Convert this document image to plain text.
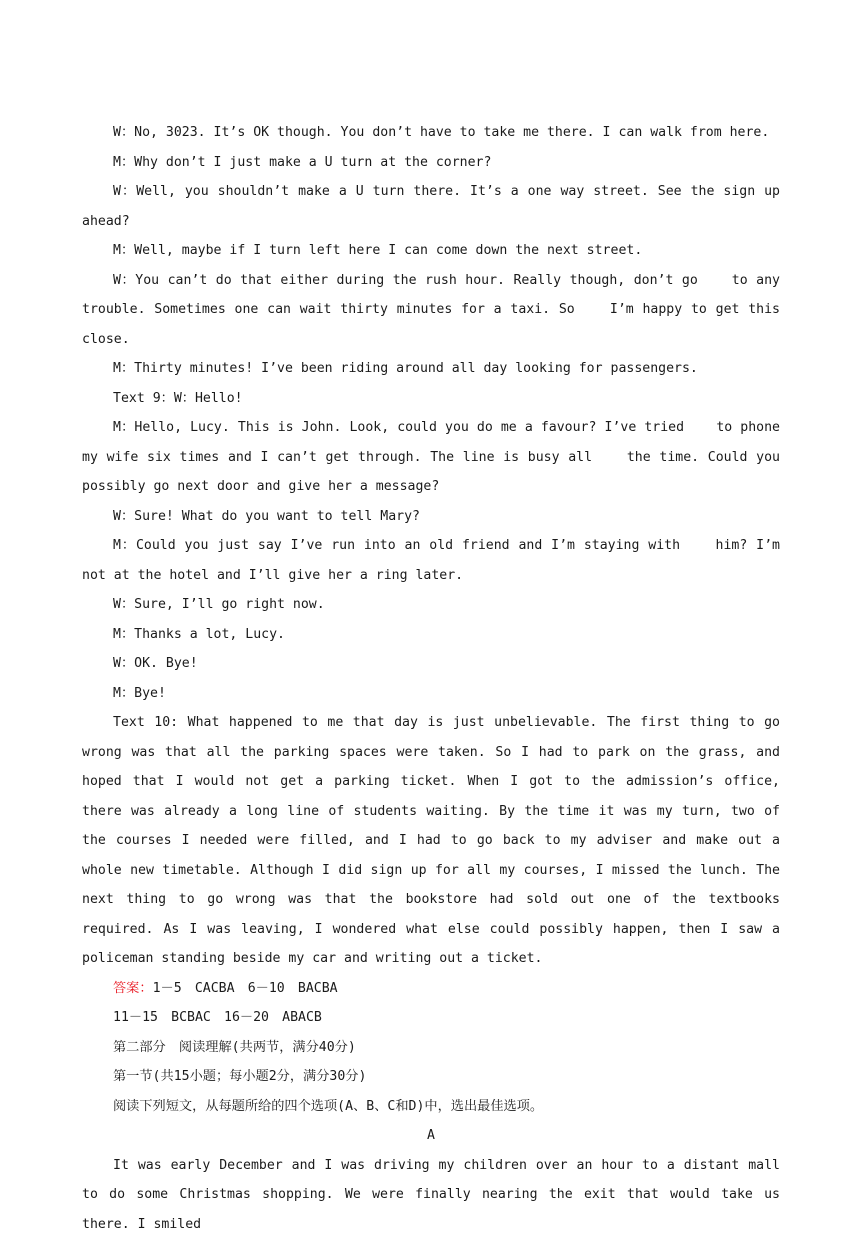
W：No, 3023. It’s OK though. You don’t have to take me there. I can walk from here.

M：Why don’t I just make a U turn at the corner?

W：Well, you shouldn’t make a U turn there. It’s a one way street. See the sign up ahead?

M：Well, maybe if I turn left here I can come down the next street.

W：You can’t do that either during the rush hour. Really though, don’t go    to any trouble. Sometimes one can wait thirty minutes for a taxi. So    I’m happy to get this close.

M：Thirty minutes! I’ve been riding around all day looking for passengers.

Text 9：W：Hello!

M：Hello, Lucy. This is John. Look, could you do me a favour? I’ve tried    to phone my wife six times and I can’t get through. The line is busy all    the time. Could you possibly go next door and give her a message?

W：Sure! What do you want to tell Mary?

M：Could you just say I’ve run into an old friend and I’m staying with    him? I’m not at the hotel and I’ll give her a ring later.

W：Sure, I’ll go right now.

M：Thanks a lot, Lucy.

W：OK. Bye!

M：Bye!

Text 10: What happened to me that day is just unbelievable. The first thing to go wrong was that all the parking spaces were taken. So I had to park on the grass, and hoped that I would not get a parking ticket. When I got to the admission’s office, there was already a long line of students waiting. By the time it was my turn, two of the courses I needed were filled, and I had to go back to my adviser and make out a whole new timetable. Although I did sign up for all my courses, I missed the lunch. The next thing to go wrong was that the bookstore had sold out one of the textbooks required. As I was leaving, I wondered what else could possibly happen, then I saw a policeman standing beside my car and writing out a ticket.

答案：1－5　CACBA　6－10　BACBA

11－15　BCBAC　16－20　ABACB

第二部分　阅读理解(共两节，满分40分)

第一节(共15小题；每小题2分，满分30分)

阅读下列短文，从每题所给的四个选项(A、B、C和D)中，选出最佳选项。

A

It was early December and I was driving my children over an hour to a distant mall to do some Christmas shopping. We were finally nearing the exit that would take us there. I smiled
